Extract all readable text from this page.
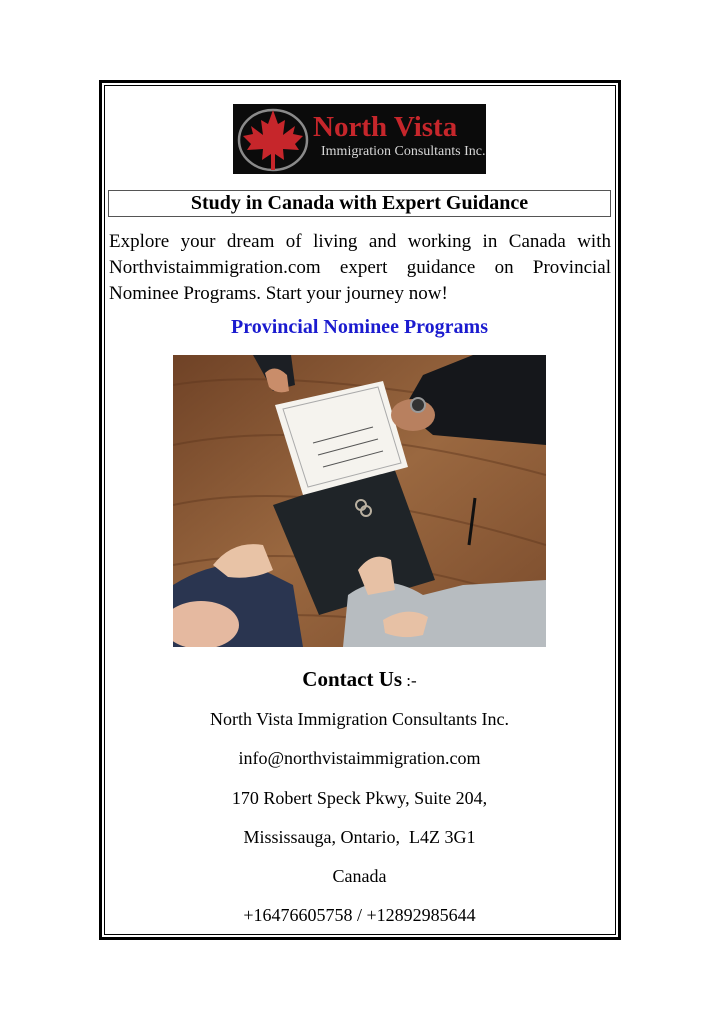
North Vista
Immigration Consultants Inc.
Study in Canada with Expert Guidance
Explore your dream of living and working in Canada with Northvistaimmigration.com expert guidance on Provincial Nominee Programs. Start your journey now!
Provincial Nominee Programs
Contact Us :-
North Vista Immigration Consultants Inc.
info@northvistaimmigration.com
170 Robert Speck Pkwy, Suite 204,
Mississauga, Ontario,  L4Z 3G1
Canada
+16476605758 / +12892985644
